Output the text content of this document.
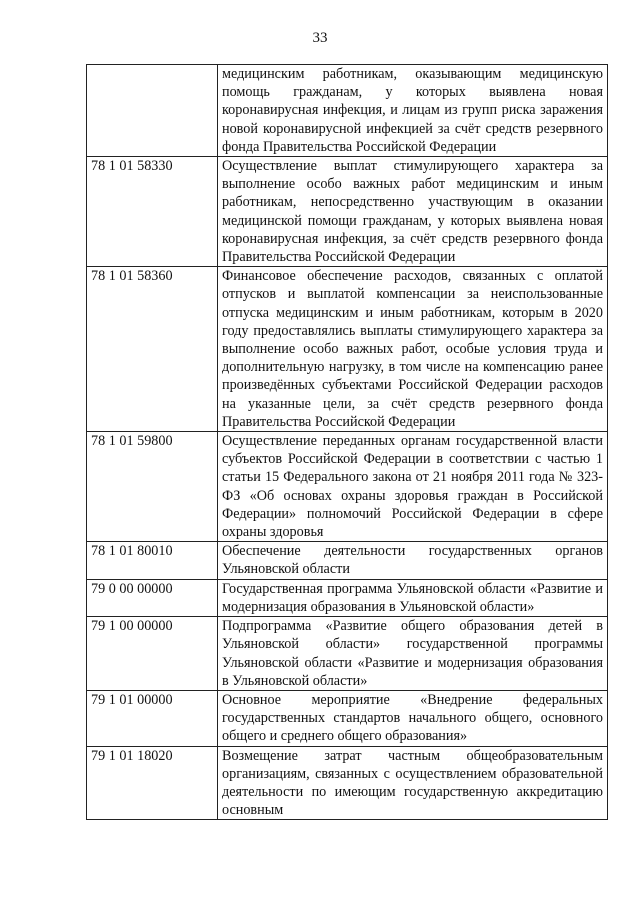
33
	медицинским работникам, оказывающим медицинскую помощь гражданам, у которых выявлена новая коронавирусная инфекция, и лицам из групп риска заражения новой коронавирусной инфекцией за счёт средств резервного фонда Правительства Российской Федерации
78 1 01 58330	Осуществление выплат стимулирующего характера за выполнение особо важных работ медицинским и иным работникам, непосредственно участвующим в оказании медицинской помощи гражданам, у которых выявлена новая коронавирусная инфекция, за счёт средств резервного фонда Правительства Российской Федерации
78 1 01 58360	Финансовое обеспечение расходов, связанных с оплатой отпусков и выплатой компенсации за неиспользованные отпуска медицинским и иным работникам, которым в 2020 году предоставлялись выплаты стимулирующего характера за выполнение особо важных работ, особые условия труда и дополнительную нагрузку, в том числе на компенсацию ранее произведённых субъектами Российской Федерации расходов на указанные цели, за счёт средств резервного фонда Правительства Российской Федерации
78 1 01 59800	Осуществление переданных органам государственной власти субъектов Российской Федерации в соответствии с частью 1 статьи 15 Федерального закона от 21 ноября 2011 года № 323-ФЗ «Об основах охраны здоровья граждан в Российской Федерации» полномочий Российской Федерации в сфере охраны здоровья
78 1 01 80010	Обеспечение деятельности государственных органов Ульяновской области
79 0 00 00000	Государственная программа Ульяновской области «Развитие и модернизация образования в Ульяновской области»
79 1 00 00000	Подпрограмма «Развитие общего образования детей в Ульяновской области» государственной программы Ульяновской области «Развитие и модернизация образования в Ульяновской области»
79 1 01 00000	Основное мероприятие «Внедрение федеральных государственных стандартов начального общего, основного общего и среднего общего образования»
79 1 01 18020	Возмещение затрат частным общеобразовательным организациям, связанных с осуществлением образовательной деятельности по имеющим государственную аккредитацию основным
